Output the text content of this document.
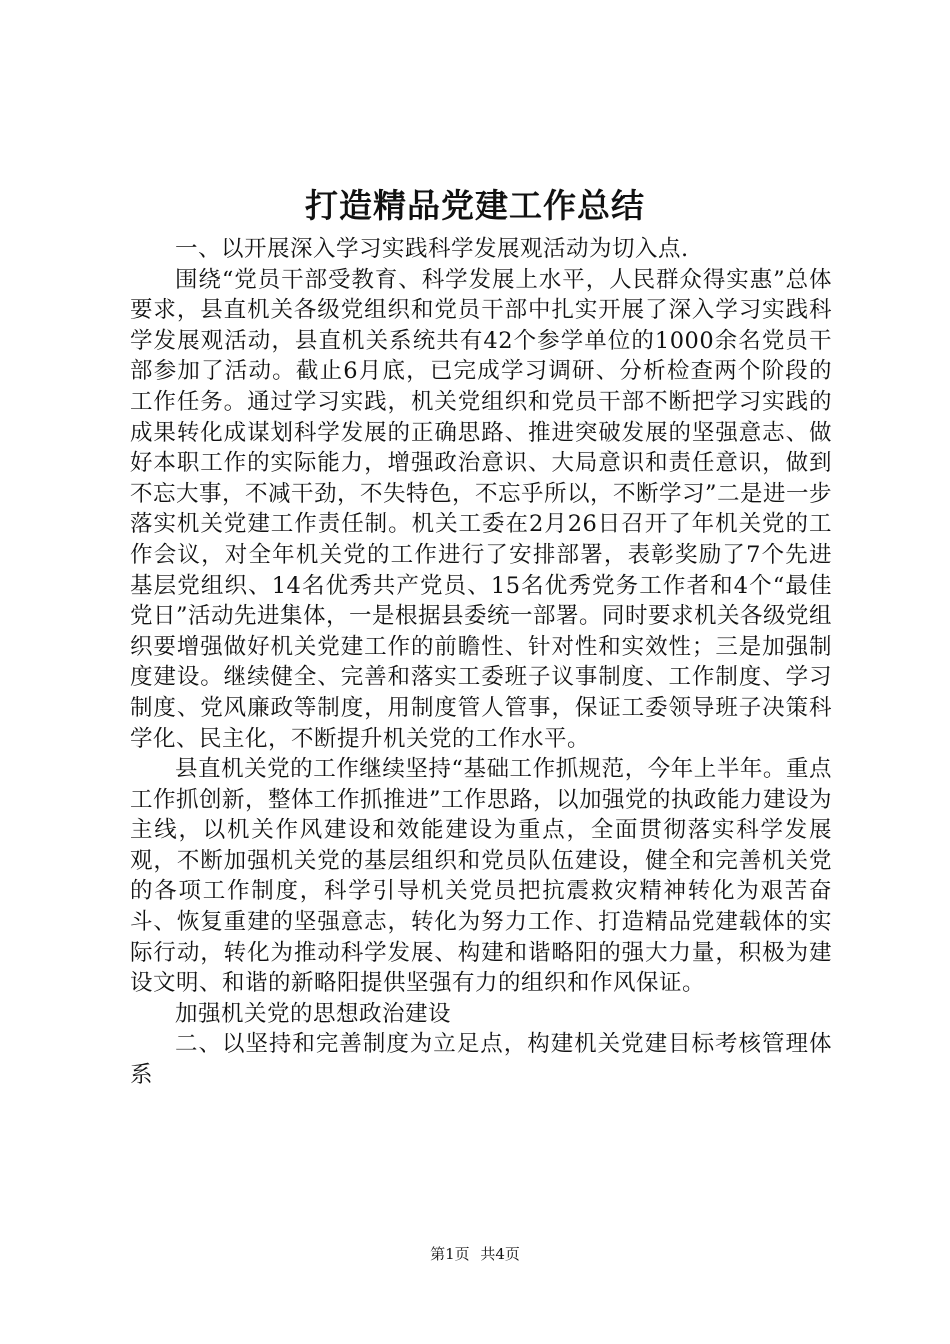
打造精品党建工作总结

一、以开展深入学习实践科学发展观活动为切入点.

围绕“党员干部受教育、科学发展上水平，人民群众得实惠”总体要求，县直机关各级党组织和党员干部中扎实开展了深入学习实践科学发展观活动，县直机关系统共有42个参学单位的1000余名党员干部参加了活动。截止6月底，已完成学习调研、分析检查两个阶段的工作任务。通过学习实践，机关党组织和党员干部不断把学习实践的成果转化成谋划科学发展的正确思路、推进突破发展的坚强意志、做好本职工作的实际能力，增强政治意识、大局意识和责任意识，做到不忘大事，不减干劲，不失特色，不忘乎所以，不断学习”二是进一步落实机关党建工作责任制。机关工委在2月26日召开了年机关党的工作会议，对全年机关党的工作进行了安排部署，表彰奖励了7个先进基层党组织、14名优秀共产党员、15名优秀党务工作者和4个“最佳党日”活动先进集体，一是根据县委统一部署。同时要求机关各级党组织要增强做好机关党建工作的前瞻性、针对性和实效性；三是加强制度建设。继续健全、完善和落实工委班子议事制度、工作制度、学习制度、党风廉政等制度，用制度管人管事，保证工委领导班子决策科学化、民主化，不断提升机关党的工作水平。

县直机关党的工作继续坚持“基础工作抓规范，今年上半年。重点工作抓创新，整体工作抓推进”工作思路，以加强党的执政能力建设为主线，以机关作风建设和效能建设为重点，全面贯彻落实科学发展观，不断加强机关党的基层组织和党员队伍建设，健全和完善机关党的各项工作制度，科学引导机关党员把抗震救灾精神转化为艰苦奋斗、恢复重建的坚强意志，转化为努力工作、打造精品党建载体的实际行动，转化为推动科学发展、构建和谐略阳的强大力量，积极为建设文明、和谐的新略阳提供坚强有力的组织和作风保证。

加强机关党的思想政治建设

二、以坚持和完善制度为立足点，构建机关党建目标考核管理体系

第1页 共4页
